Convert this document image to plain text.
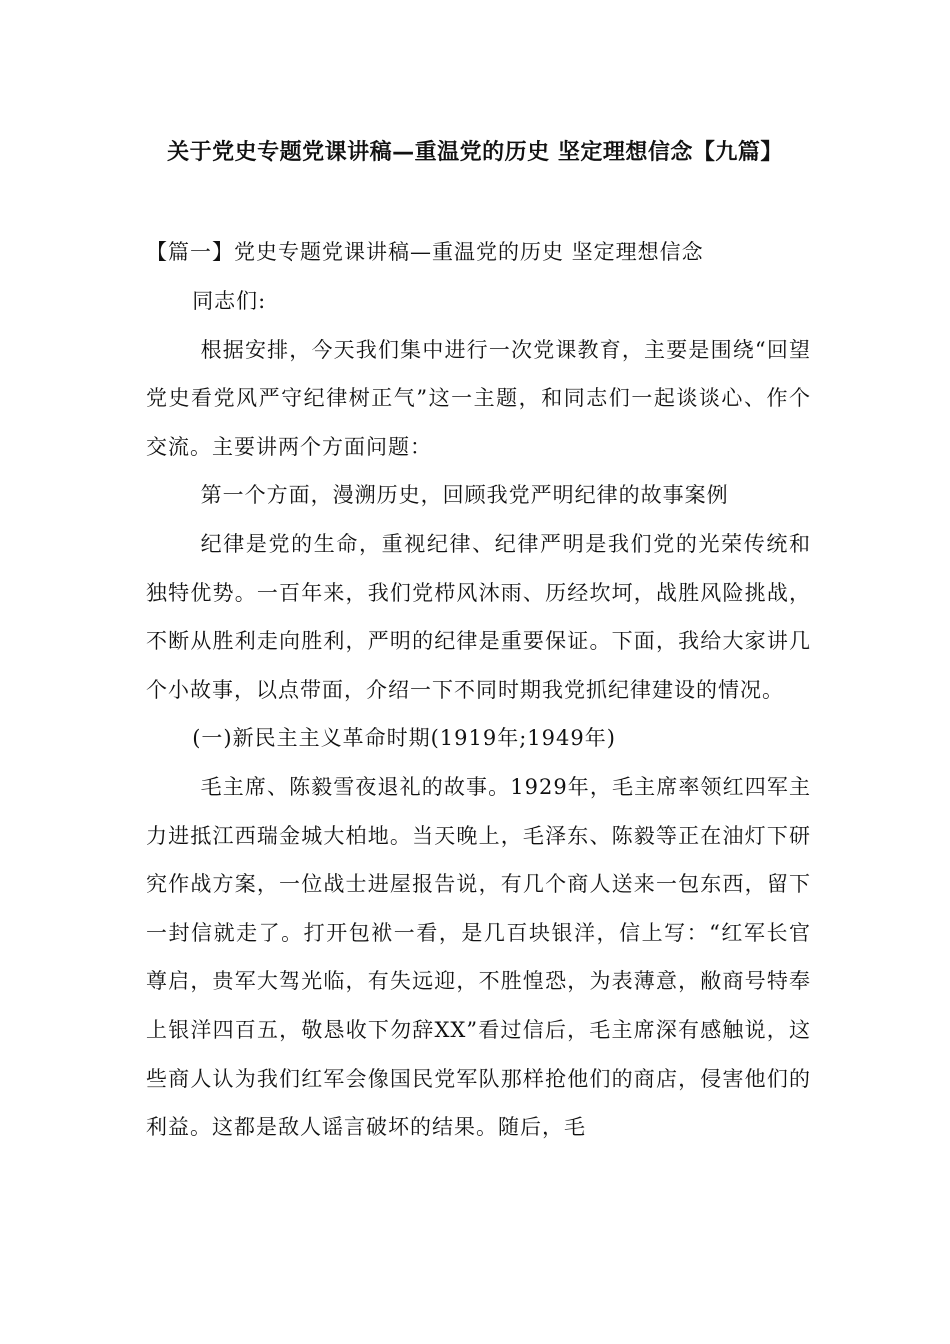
关于党史专题党课讲稿—重温党的历史 坚定理想信念【九篇】

【篇一】党史专题党课讲稿—重温党的历史 坚定理想信念

同志们:

根据安排，今天我们集中进行一次党课教育，主要是围绕“回望党史看党风严守纪律树正气”这一主题，和同志们一起谈谈心、作个交流。主要讲两个方面问题：

第一个方面，漫溯历史，回顾我党严明纪律的故事案例

纪律是党的生命，重视纪律、纪律严明是我们党的光荣传统和独特优势。一百年来，我们党栉风沐雨、历经坎坷，战胜风险挑战，不断从胜利走向胜利，严明的纪律是重要保证。下面，我给大家讲几个小故事，以点带面，介绍一下不同时期我党抓纪律建设的情况。

(一)新民主主义革命时期(1919年;1949年)

毛主席、陈毅雪夜退礼的故事。1929年，毛主席率领红四军主力进抵江西瑞金城大柏地。当天晚上，毛泽东、陈毅等正在油灯下研究作战方案，一位战士进屋报告说，有几个商人送来一包东西，留下一封信就走了。打开包袱一看，是几百块银洋，信上写：“红军长官尊启，贵军大驾光临，有失远迎，不胜惶恐，为表薄意，敝商号特奉上银洋四百五，敬恳收下勿辞XX”看过信后，毛主席深有感触说，这些商人认为我们红军会像国民党军队那样抢他们的商店，侵害他们的利益。这都是敌人谣言破坏的结果。随后，毛
